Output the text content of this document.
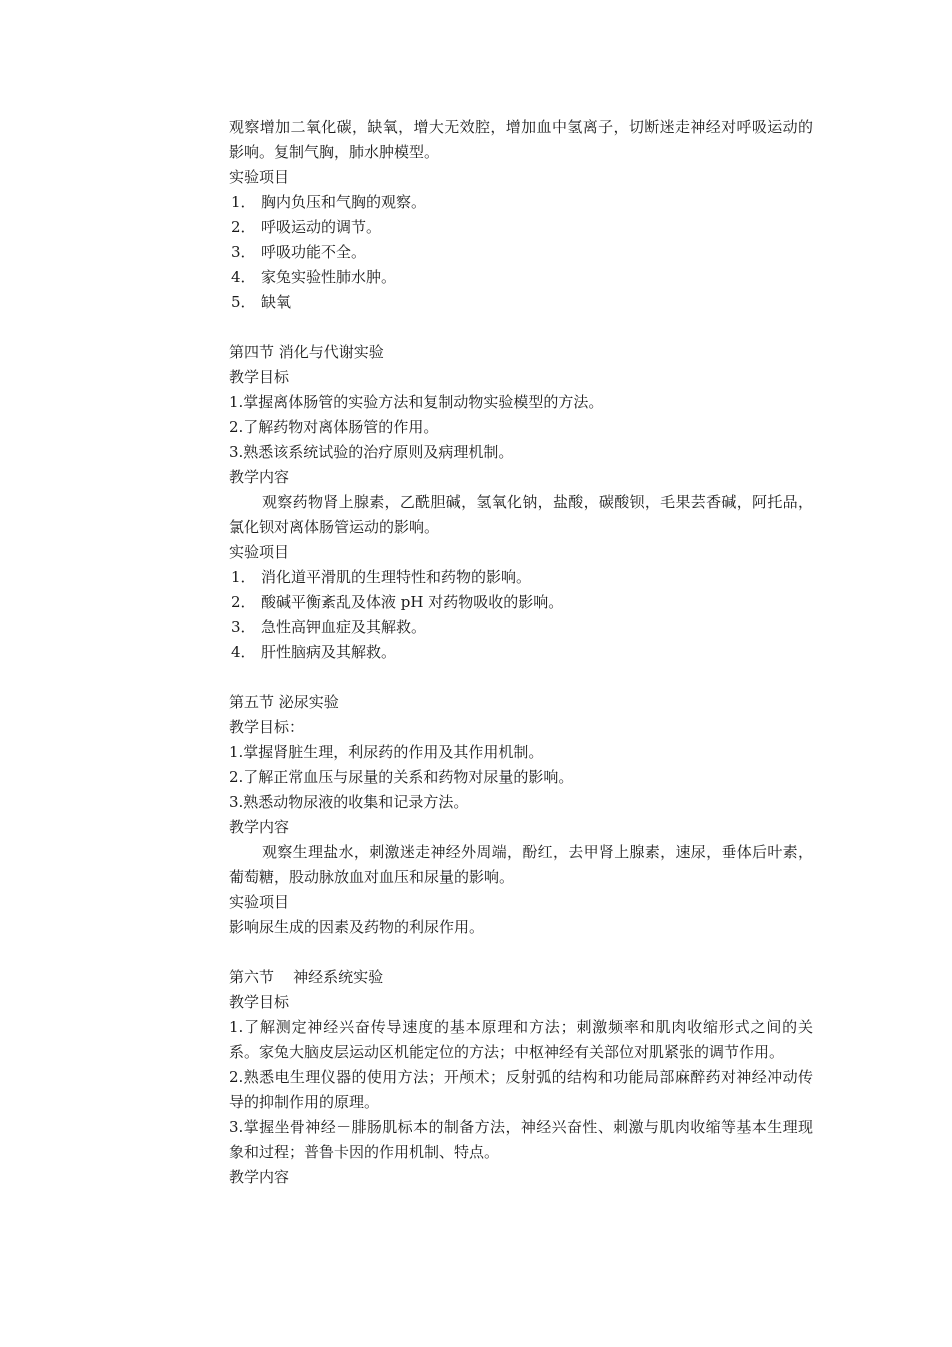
观察增加二氧化碳，缺氧，增大无效腔，增加血中氢离子，切断迷走神经对呼吸运动的影响。复制气胸，肺水肿模型。

实验项目

1． 胸内负压和气胸的观察。

2． 呼吸运动的调节。

3． 呼吸功能不全。

4． 家兔实验性肺水肿。

5． 缺氧

第四节 消化与代谢实验

教学目标

1.掌握离体肠管的实验方法和复制动物实验模型的方法。

2.了解药物对离体肠管的作用。

3.熟悉该系统试验的治疗原则及病理机制。

教学内容

观察药物肾上腺素，乙酰胆碱，氢氧化钠，盐酸，碳酸钡，毛果芸香碱，阿托品，氯化钡对离体肠管运动的影响。

实验项目

1． 消化道平滑肌的生理特性和药物的影响。

2． 酸碱平衡紊乱及体液 pH 对药物吸收的影响。

3． 急性高钾血症及其解救。

4． 肝性脑病及其解救。

第五节 泌尿实验

教学目标：

1.掌握肾脏生理，利尿药的作用及其作用机制。

2.了解正常血压与尿量的关系和药物对尿量的影响。

3.熟悉动物尿液的收集和记录方法。

教学内容

观察生理盐水，刺激迷走神经外周端，酚红，去甲肾上腺素，速尿，垂体后叶素，葡萄糖，股动脉放血对血压和尿量的影响。

实验项目

影响尿生成的因素及药物的利尿作用。

第六节    神经系统实验

教学目标

1.了解测定神经兴奋传导速度的基本原理和方法；刺激频率和肌肉收缩形式之间的关系。家兔大脑皮层运动区机能定位的方法；中枢神经有关部位对肌紧张的调节作用。

2.熟悉电生理仪器的使用方法；开颅术；反射弧的结构和功能局部麻醉药对神经冲动传导的抑制作用的原理。

3.掌握坐骨神经－腓肠肌标本的制备方法，神经兴奋性、刺激与肌肉收缩等基本生理现象和过程；普鲁卡因的作用机制、特点。

教学内容
